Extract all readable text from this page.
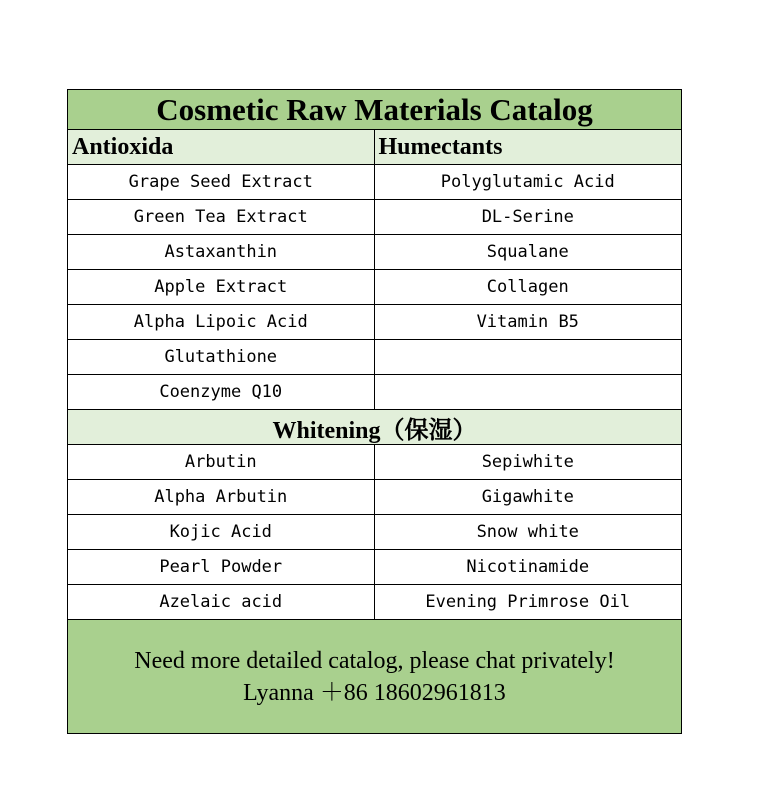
Cosmetic Raw Materials Catalog
Antioxida	Humectants
Grape Seed Extract	Polyglutamic Acid
Green Tea Extract	DL-Serine
Astaxanthin	Squalane
Apple Extract	Collagen
Alpha Lipoic Acid	Vitamin B5
Glutathione
Coenzyme Q10
Whitening（保湿）
Arbutin	Sepiwhite
Alpha Arbutin	Gigawhite
Kojic Acid	Snow white
Pearl Powder	Nicotinamide
Azelaic acid	Evening Primrose Oil
Need more detailed catalog, please chat privately!
Lyanna ＋86 18602961813
